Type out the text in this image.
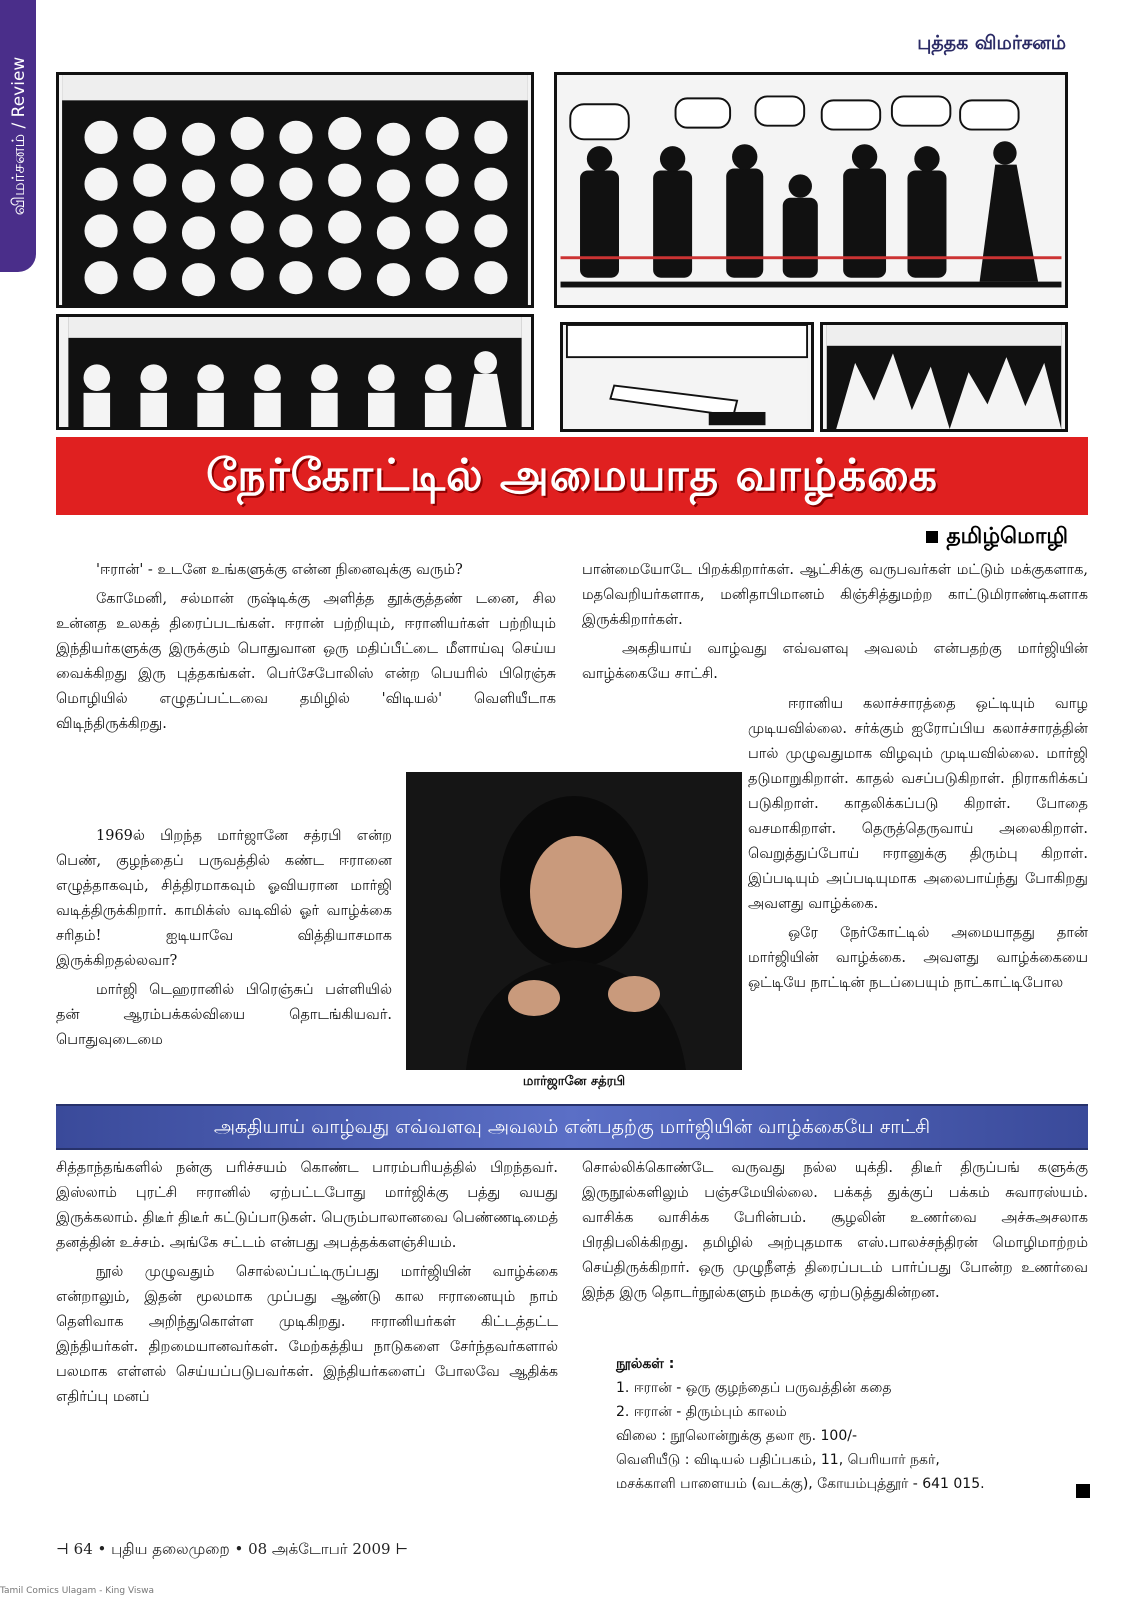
விமர்சனம் / Review
புத்தக விமர்சனம்
நேர்கோட்டில் அமையாத வாழ்க்கை
தமிழ்மொழி

'ஈரான்' - உடனே உங்களுக்கு என்ன நினைவுக்கு வரும்?

கோமேனி, சல்மான் ருஷ்டிக்கு அளித்த தூக்குத்தண் டனை, சில உன்னத உலகத் திரைப்படங்கள். ஈரான் பற்றியும், ஈரானியர்கள் பற்றியும் இந்தியர்களுக்கு இருக்கும் பொதுவான ஒரு மதிப்பீட்டை மீளாய்வு செய்ய வைக்கிறது இரு புத்தகங்கள். பெர்சேபோலிஸ் என்ற பெயரில் பிரெஞ்சு மொழியில் எழுதப்பட்டவை தமிழில் 'விடியல்' வெளியீடாக விடிந்திருக்கிறது.

1969ல் பிறந்த மார்ஜானே சத்ரபி என்ற பெண், குழந்தைப் பருவத்தில் கண்ட ஈரானை எழுத்தாகவும், சித்திரமாகவும் ஓவியரான மார்ஜி வடித்திருக்கிறார். காமிக்ஸ் வடிவில் ஓர் வாழ்க்கை சரிதம்! ஐடியாவே வித்தியாசமாக இருக்கிறதல்லவா?

மார்ஜி டெஹரானில் பிரெஞ்சுப் பள்ளியில் தன் ஆரம்பக்கல்வியை தொடங்கியவர். பொதுவுடைமை

மார்ஜானே சத்ரபி

பான்மையோடே பிறக்கிறார்கள். ஆட்சிக்கு வருபவர்கள் மட்டும் மக்குகளாக, மதவெறியர்களாக, மனிதாபிமானம் கிஞ்சித்துமற்ற காட்டுமிராண்டிகளாக இருக்கிறார்கள்.

அகதியாய் வாழ்வது எவ்வளவு அவலம் என்பதற்கு மார்ஜியின் வாழ்க்கையே சாட்சி.

ஈரானிய கலாச்சாரத்தை ஒட்டியும் வாழ முடியவில்லை. சர்க்கும் ஐரோப்பிய கலாச்சாரத்தின் பால் முழுவதுமாக விழவும் முடியவில்லை. மார்ஜி தடுமாறுகிறாள். காதல் வசப்படுகிறாள். நிராகரிக்கப் படுகிறாள். காதலிக்கப்படு கிறாள். போதை வசமாகிறாள். தெருத்தெருவாய் அலைகிறாள். வெறுத்துப்போய் ஈரானுக்கு திரும்பு கிறாள். இப்படியும் அப்படியுமாக அலைபாய்ந்து போகிறது அவளது வாழ்க்கை.

ஒரே நேர்கோட்டில் அமையாதது தான் மார்ஜியின் வாழ்க்கை. அவளது வாழ்க்கையை ஒட்டியே நாட்டின் நடப்பையும் நாட்காட்டிபோல

அகதியாய் வாழ்வது எவ்வளவு அவலம் என்பதற்கு மார்ஜியின் வாழ்க்கையே சாட்சி

சித்தாந்தங்களில் நன்கு பரிச்சயம் கொண்ட பாரம்பரியத்தில் பிறந்தவர். இஸ்லாம் புரட்சி ஈரானில் ஏற்பட்டபோது மார்ஜிக்கு பத்து வயது இருக்கலாம். திடீர் திடீர் கட்டுப்பாடுகள். பெரும்பாலானவை பெண்ணடிமைத் தனத்தின் உச்சம். அங்கே சட்டம் என்பது அபத்தக்களஞ்சியம்.

நூல் முழுவதும் சொல்லப்பட்டிருப்பது மார்ஜியின் வாழ்க்கை என்றாலும், இதன் மூலமாக முப்பது ஆண்டு கால ஈரானையும் நாம் தெளிவாக அறிந்துகொள்ள முடிகிறது. ஈரானியர்கள் கிட்டத்தட்ட இந்தியர்கள். திறமையானவர்கள். மேற்கத்திய நாடுகளை சேர்ந்தவர்களால் பலமாக எள்ளல் செய்யப்படுபவர்கள். இந்தியர்களைப் போலவே ஆதிக்க எதிர்ப்பு மனப்

சொல்லிக்கொண்டே வருவது நல்ல யுக்தி. திடீர் திருப்பங் களுக்கு இருநூல்களிலும் பஞ்சமேயில்லை. பக்கத் துக்குப் பக்கம் சுவாரஸ்யம். வாசிக்க வாசிக்க பேரின்பம். சூழலின் உணர்வை அச்சுஅசலாக பிரதிபலிக்கிறது. தமிழில் அற்புதமாக எஸ்.பாலச்சந்திரன் மொழிமாற்றம் செய்திருக்கிறார். ஒரு முழுநீளத் திரைப்படம் பார்ப்பது போன்ற உணர்வை இந்த இரு தொடர்நூல்களும் நமக்கு ஏற்படுத்துகின்றன.

நூல்கள் :
1. ஈரான் - ஒரு குழந்தைப் பருவத்தின் கதை
2. ஈரான் - திரும்பும் காலம்
விலை : நூலொன்றுக்கு தலா ரூ. 100/-
வெளியீடு : விடியல் பதிப்பகம், 11, பெரியார் நகர்,
மசக்காளி பாளையம் (வடக்கு), கோயம்புத்தூர் - 641 015.
⊣ 64 • புதிய தலைமுறை • 08 அக்டோபர் 2009 ⊢
Tamil Comics Ulagam - King Viswa
